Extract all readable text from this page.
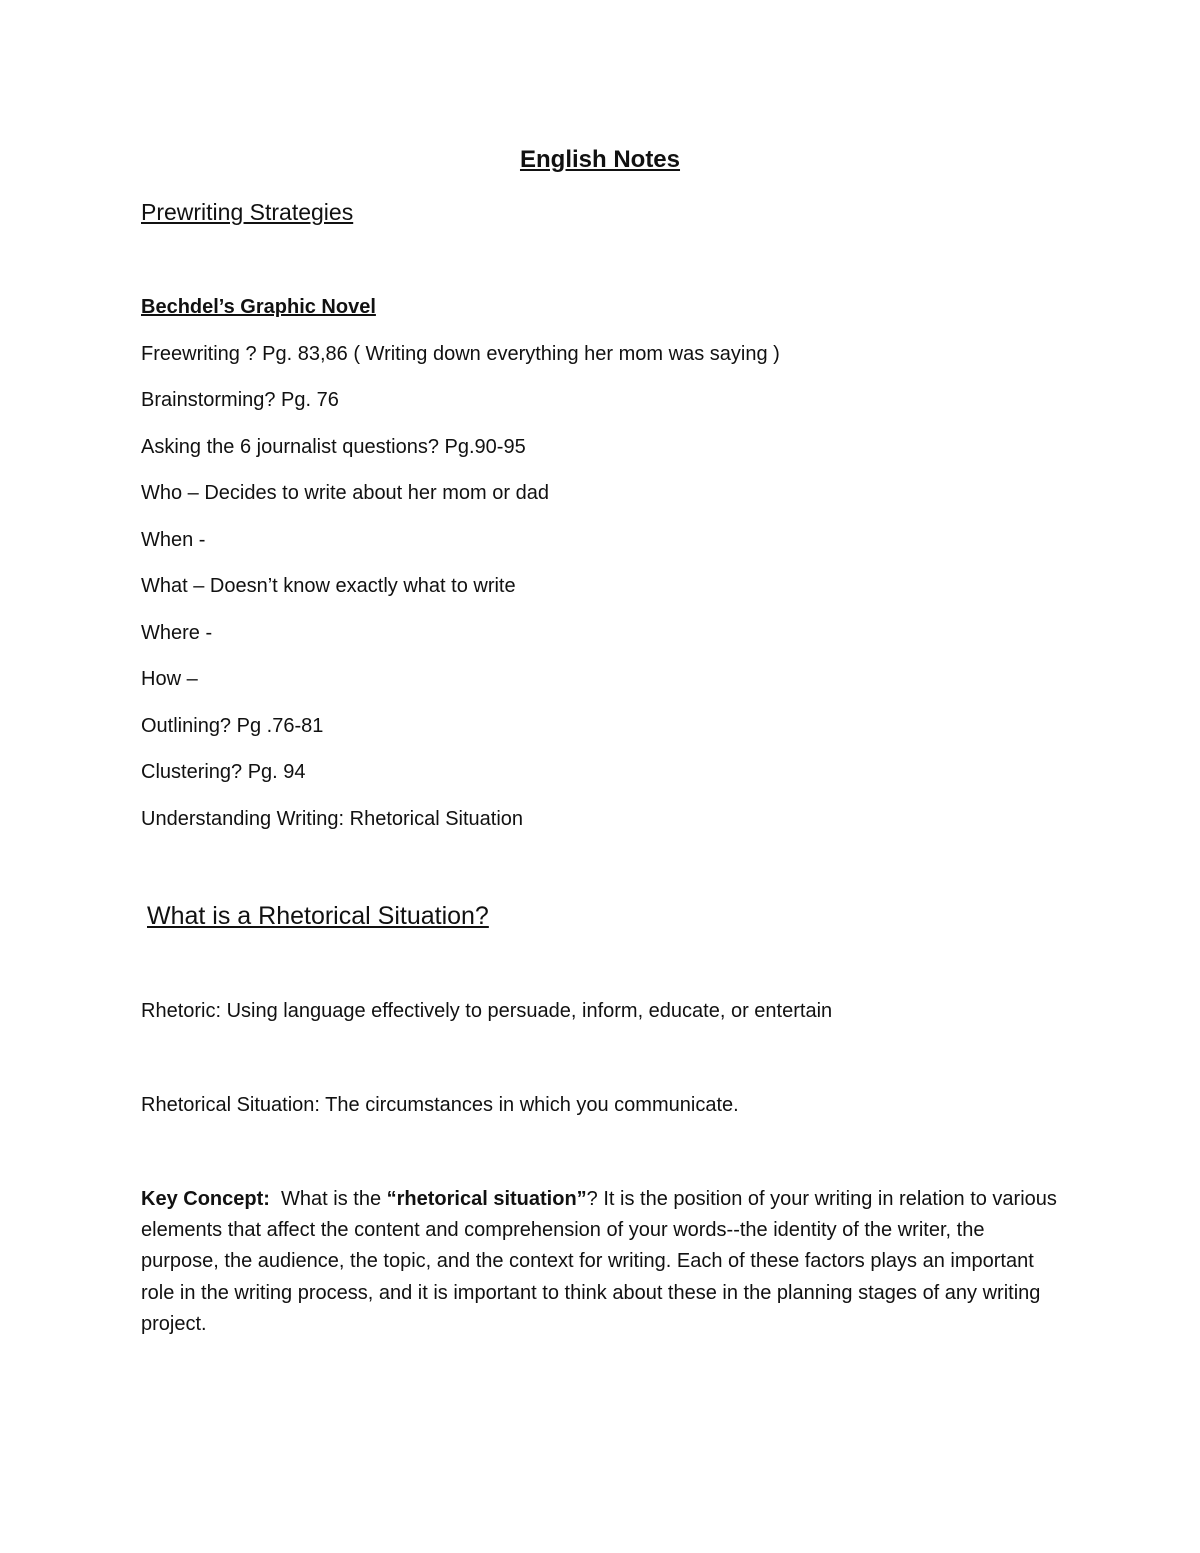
English Notes
Prewriting Strategies
Bechdel’s Graphic Novel
Freewriting ? Pg. 83,86 ( Writing down everything her mom was saying )
Brainstorming? Pg. 76
Asking the 6 journalist questions? Pg.90-95
Who – Decides to write about her mom or dad
When -
What – Doesn’t know exactly what to write
Where -
How –
Outlining? Pg .76-81
Clustering? Pg. 94
Understanding Writing: Rhetorical Situation
What is a Rhetorical Situation?
Rhetoric: Using language effectively to persuade, inform, educate, or entertain
Rhetorical Situation: The circumstances in which you communicate.
Key Concept: What is the “rhetorical situation”? It is the position of your writing in relation to various elements that affect the content and comprehension of your words--the identity of the writer, the purpose, the audience, the topic, and the context for writing. Each of these factors plays an important role in the writing process, and it is important to think about these in the planning stages of any writing project.
